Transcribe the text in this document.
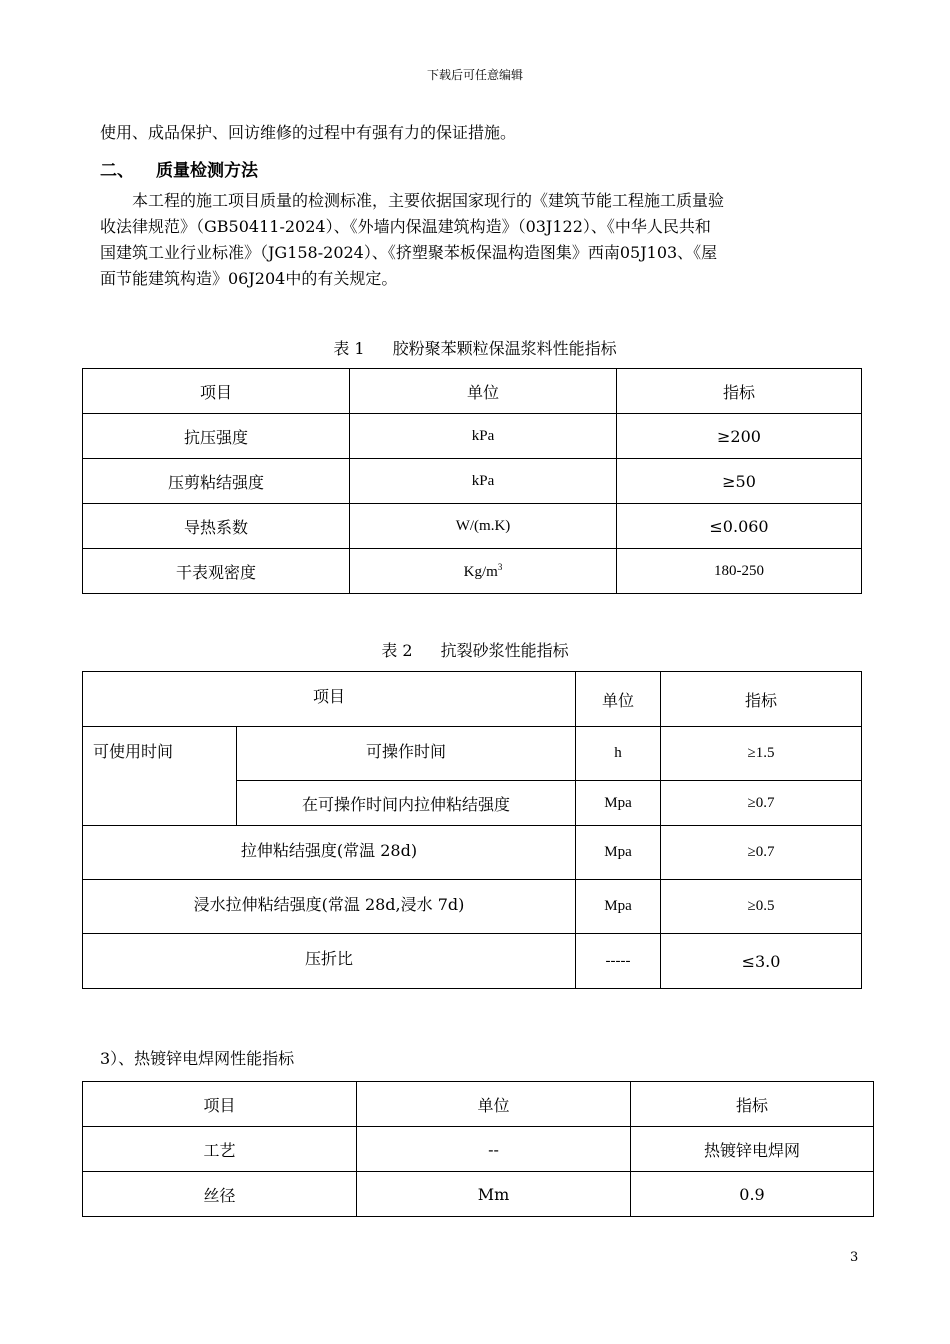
下载后可任意编辑

使用、成品保护、回访维修的过程中有强有力的保证措施。

二、 质量检测方法

　　本工程的施工项目质量的检测标准，主要依据国家现行的《建筑节能工程施工质量验
收法律规范》（GB50411-2024）、《外墙内保温建筑构造》（03J122）、《中华人民共和
国建筑工业行业标准》（JG158-2024）、《挤塑聚苯板保温构造图集》西南05J103、《屋
面节能建筑构造》06J204中的有关规定。

表 1 胶粉聚苯颗粒保温浆料性能指标
项目	单位	指标
抗压强度	kPa	≥200
压剪粘结强度	kPa	≥50
导热系数	W/(m.K)	≤0.060
干表观密度	$Kg/m^3$	180-250
表 2 抗裂砂浆性能指标
项目		单位	指标
可使用时间	可操作时间	h	≥1.5
	在可操作时间内拉伸粘结强度	Mpa	≥0.7
拉伸粘结强度(常温 28d)		Mpa	≥0.7
浸水拉伸粘结强度(常温 28d,浸水 7d)		Mpa	≥0.5
压折比		-----	≤3.0
3）、热镀锌电焊网性能指标
项目	单位	指标
工艺	--	热镀锌电焊网
丝径	Mm	0.9
3
